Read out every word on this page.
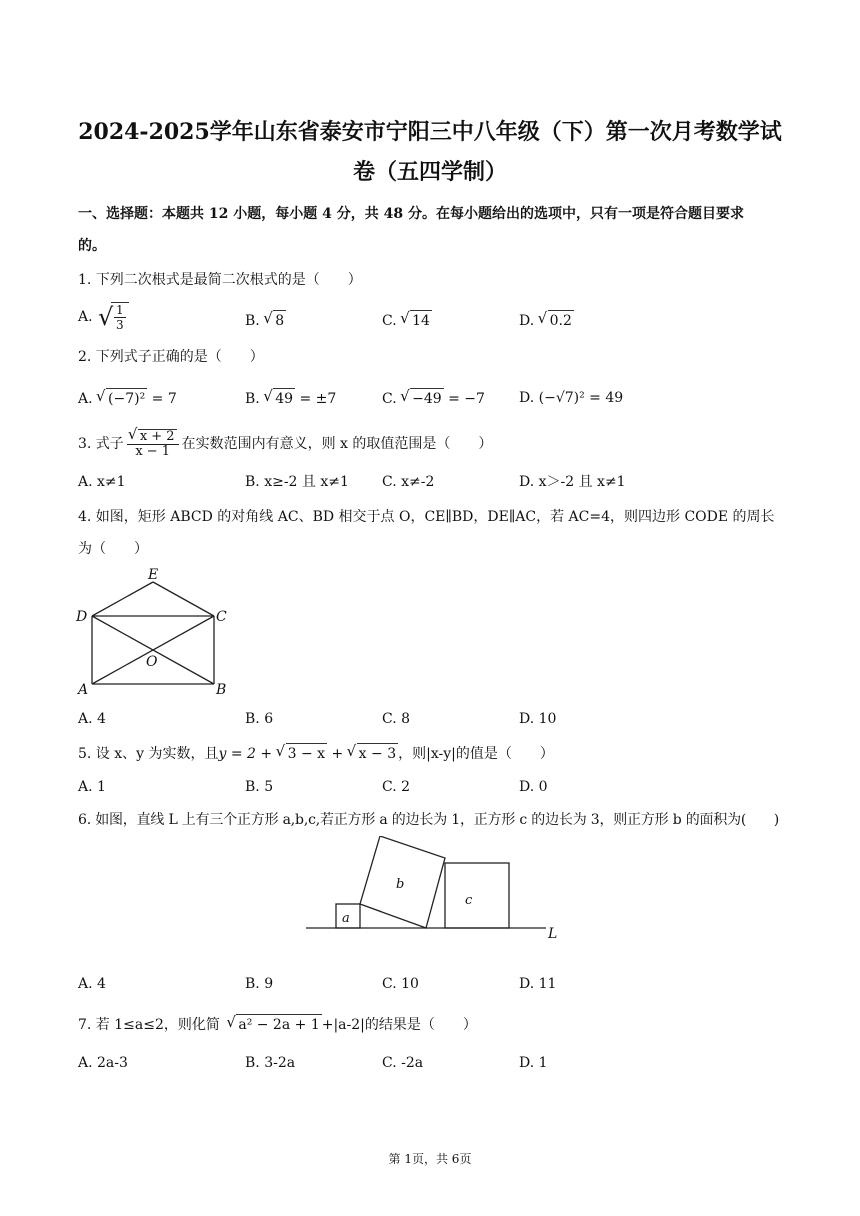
2024-2025学年山东省泰安市宁阳三中八年级（下）第一次月考数学试
卷（五四学制）
一、选择题：本题共 12 小题，每小题 4 分，共 48 分。在每小题给出的选项中，只有一项是符合题目要求
的。
1. 下列二次根式是最简二次根式的是（　　）
A. √ $\frac{1}{3}$	B. √ 8	C. √ 14	D. √ 0.2
2. 下列式子正确的是（　　）
A. √ (−7)² = 7	B. √ 49 = ±7	C. √ −49 = −7 D. (−√7)² = 49
3. 式子 √ $\frac{x + 2}{x - 1}$ 在实数范围内有意义，则 x 的取值范围是（　　）
A. x≠1	B. x≥-2 且 x≠1 C. x≠-2	D. x＞-2 且 x≠1
4. 如图，矩形 ABCD 的对角线 AC、BD 相交于点 O，CE∥BD，DE∥AC，若 AC=4，则四边形 CODE 的周长
为（　　）
E
D	C
O
A	B
A. 4	B. 6	C. 8	D. 10
5. 设 x、y 为实数，且y = 2 + √ 3 − x + √ x − 3 ，则|x-y|的值是（　　）
A. 1	B. 5	C. 2	D. 0
6. 如图，直线 L 上有三个正方形 a,b,c,若正方形 a 的边长为 1，正方形 c 的边长为 3，则正方形 b 的面积为(　　)
a
b
c
L
A. 4	B. 9	C. 10	D. 11
7. 若 1≤a≤2，则化简 √ a² − 2a + 1 +|a-2|的结果是（　　）
A. 2a-3	B. 3-2a	C. -2a	D. 1
第 1页，共 6页
